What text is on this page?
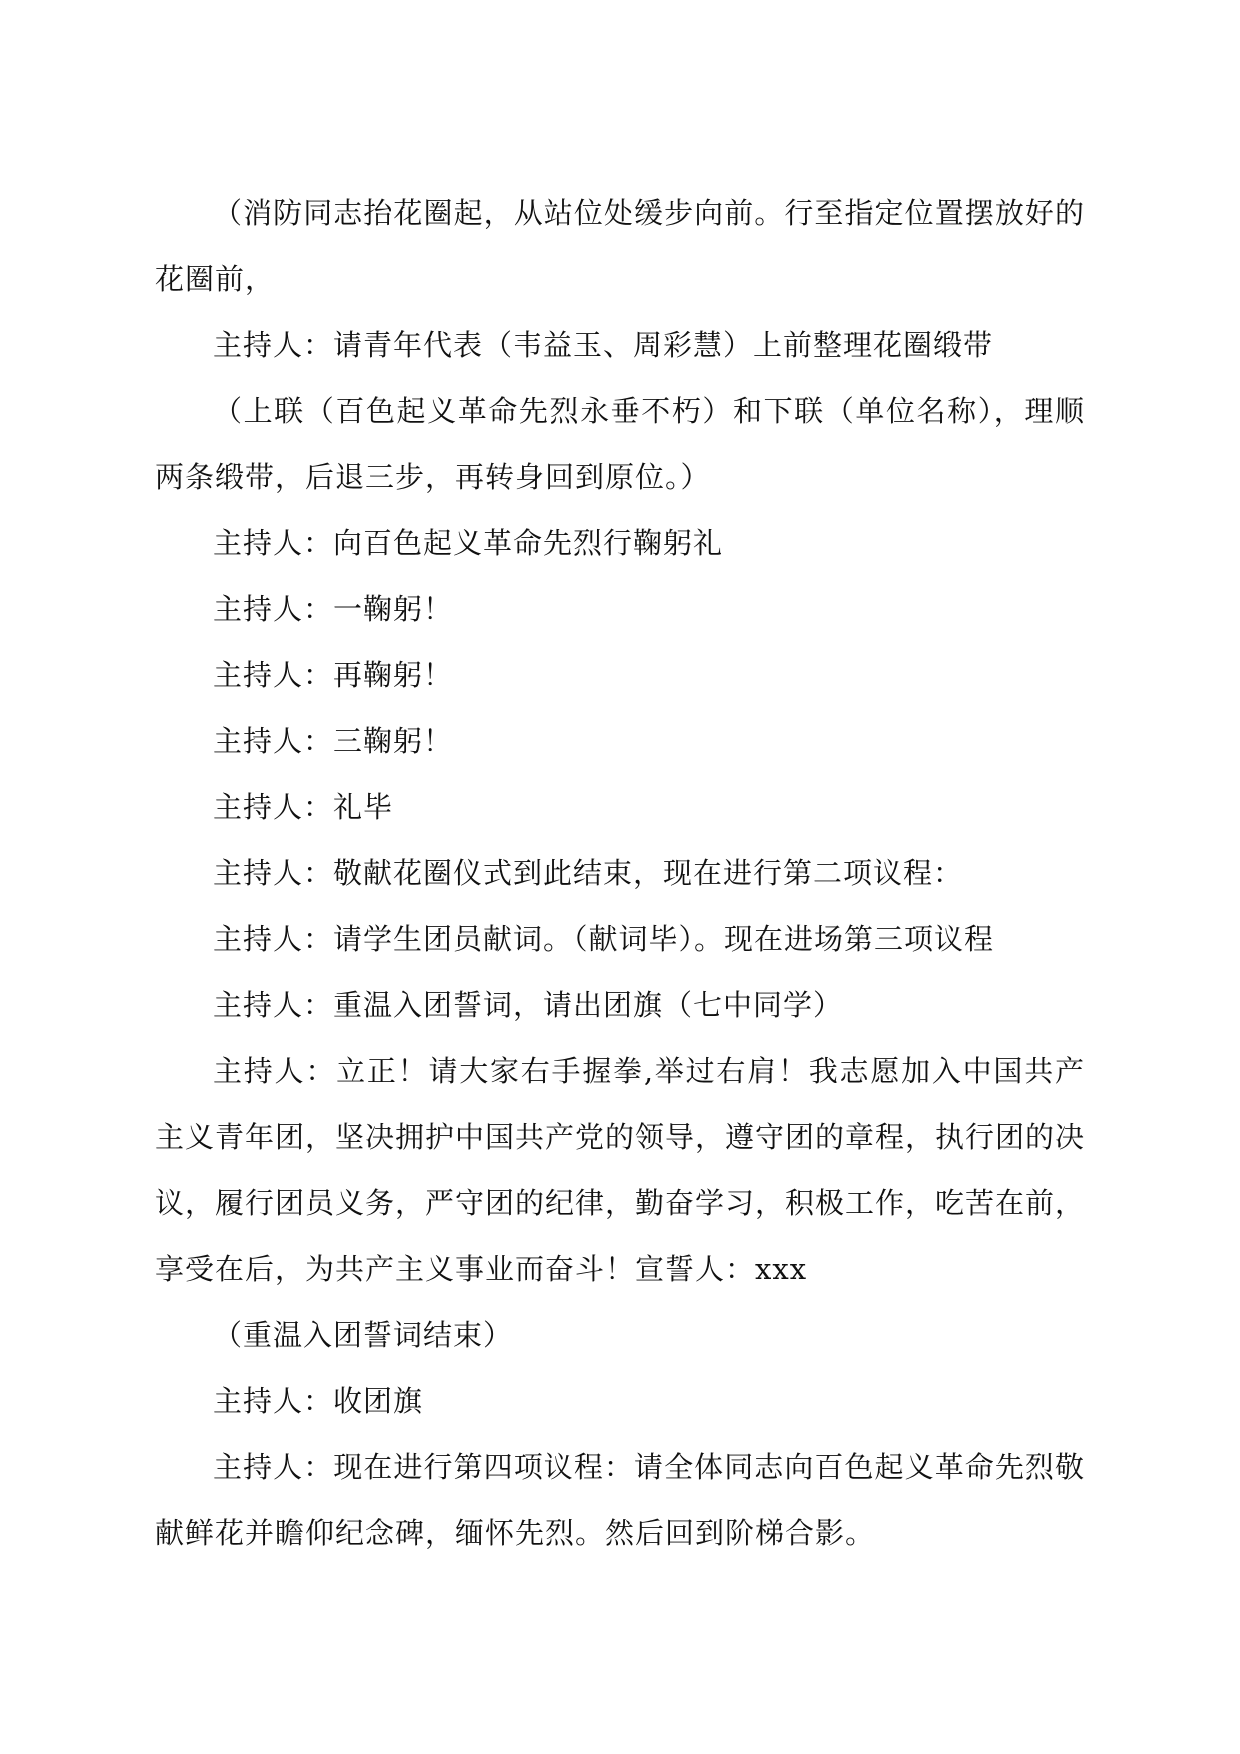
（消防同志抬花圈起，从站位处缓步向前。行至指定位置摆放好的花圈前，

主持人：请青年代表（韦益玉、周彩慧）上前整理花圈缎带

（上联（百色起义革命先烈永垂不朽）和下联（单位名称），理顺两条缎带，后退三步，再转身回到原位。）

主持人：向百色起义革命先烈行鞠躬礼

主持人：一鞠躬！

主持人：再鞠躬！

主持人：三鞠躬！

主持人：礼毕

主持人：敬献花圈仪式到此结束，现在进行第二项议程：

主持人：请学生团员献词。（献词毕）。现在进场第三项议程

主持人：重温入团誓词，请出团旗（七中同学）

主持人：立正！请大家右手握拳,举过右肩！我志愿加入中国共产主义青年团，坚决拥护中国共产党的领导，遵守团的章程，执行团的决议，履行团员义务，严守团的纪律，勤奋学习，积极工作，吃苦在前，享受在后，为共产主义事业而奋斗！宣誓人：xxx

（重温入团誓词结束）

主持人：收团旗

主持人：现在进行第四项议程：请全体同志向百色起义革命先烈敬献鲜花并瞻仰纪念碑，缅怀先烈。然后回到阶梯合影。
